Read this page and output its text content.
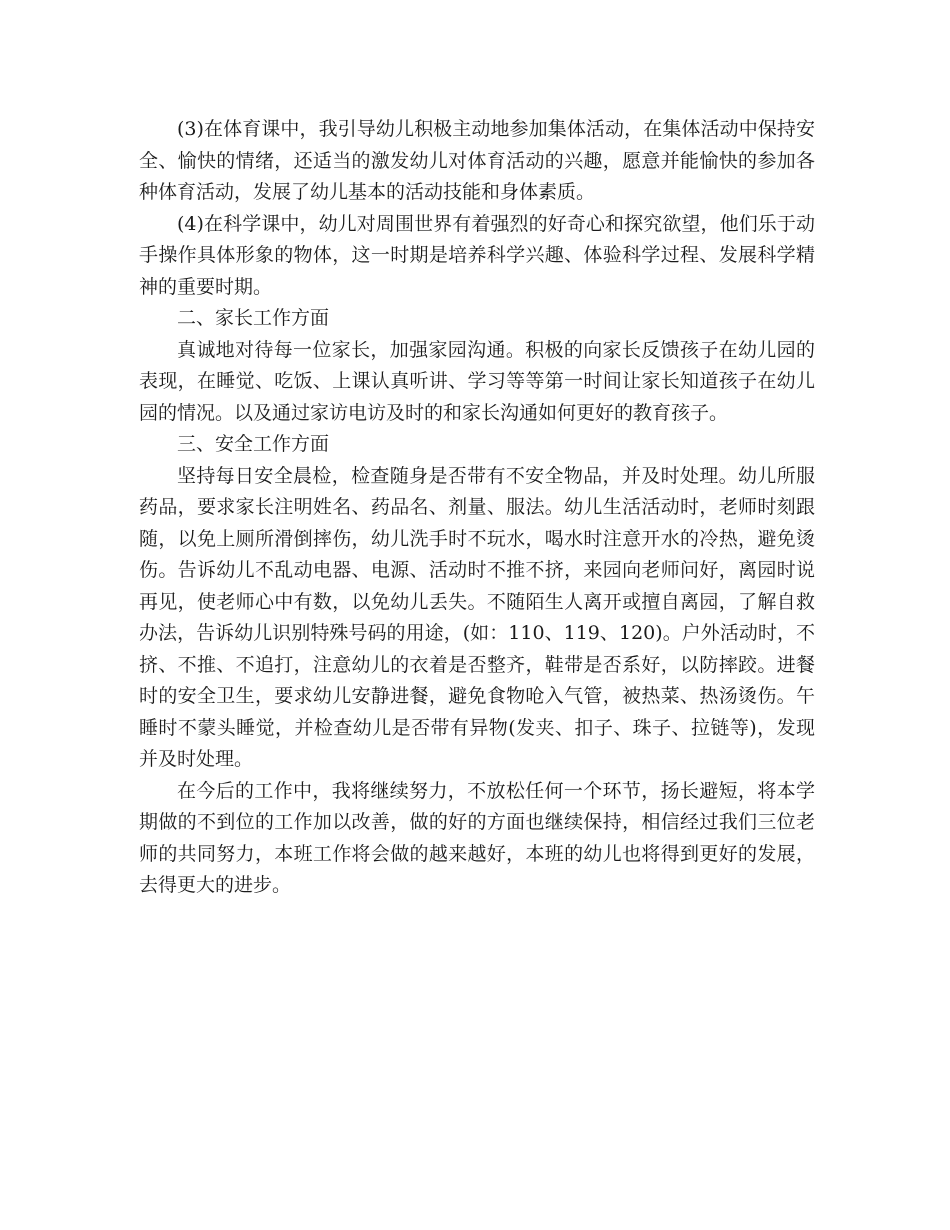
(3)在体育课中，我引导幼儿积极主动地参加集体活动，在集体活动中保持安全、愉快的情绪，还适当的激发幼儿对体育活动的兴趣，愿意并能愉快的参加各种体育活动，发展了幼儿基本的活动技能和身体素质。

(4)在科学课中，幼儿对周围世界有着强烈的好奇心和探究欲望，他们乐于动手操作具体形象的物体，这一时期是培养科学兴趣、体验科学过程、发展科学精神的重要时期。

二、家长工作方面

真诚地对待每一位家长，加强家园沟通。积极的向家长反馈孩子在幼儿园的表现，在睡觉、吃饭、上课认真听讲、学习等等第一时间让家长知道孩子在幼儿园的情况。以及通过家访电访及时的和家长沟通如何更好的教育孩子。

三、安全工作方面

坚持每日安全晨检，检查随身是否带有不安全物品，并及时处理。幼儿所服药品，要求家长注明姓名、药品名、剂量、服法。幼儿生活活动时，老师时刻跟随，以免上厕所滑倒摔伤，幼儿洗手时不玩水，喝水时注意开水的冷热，避免烫伤。告诉幼儿不乱动电器、电源、活动时不推不挤，来园向老师问好，离园时说再见，使老师心中有数，以免幼儿丢失。不随陌生人离开或擅自离园，了解自救办法，告诉幼儿识别特殊号码的用途，(如：110、119、120)。户外活动时，不挤、不推、不追打，注意幼儿的衣着是否整齐，鞋带是否系好，以防摔跤。进餐时的安全卫生，要求幼儿安静进餐，避免食物呛入气管，被热菜、热汤烫伤。午睡时不蒙头睡觉，并检查幼儿是否带有异物(发夹、扣子、珠子、拉链等)，发现并及时处理。

在今后的工作中，我将继续努力，不放松任何一个环节，扬长避短，将本学期做的不到位的工作加以改善，做的好的方面也继续保持，相信经过我们三位老师的共同努力，本班工作将会做的越来越好，本班的幼儿也将得到更好的发展，去得更大的进步。
